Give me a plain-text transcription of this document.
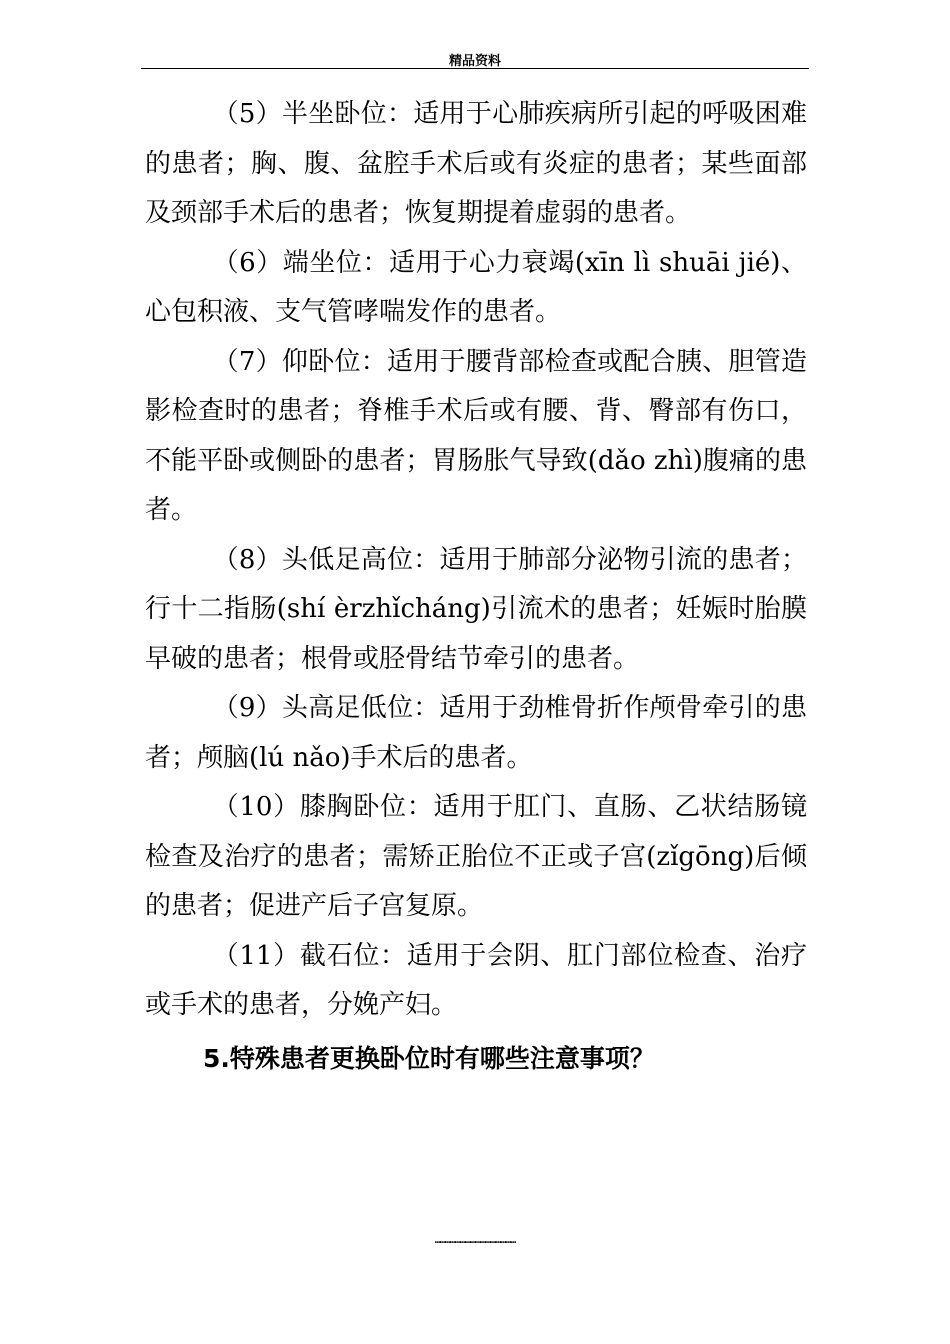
精品资料

（5）半坐卧位：适用于心肺疾病所引起的呼吸困难的患者；胸、腹、盆腔手术后或有炎症的患者；某些面部及颈部手术后的患者；恢复期提着虚弱的患者。

（6）端坐位：适用于心力衰竭(xīn lì shuāi jié)、心包积液、支气管哮喘发作的患者。

（7）仰卧位：适用于腰背部检查或配合胰、胆管造影检查时的患者；脊椎手术后或有腰、背、臀部有伤口，不能平卧或侧卧的患者；胃肠胀气导致(dǎo zhì)腹痛的患者。

（8）头低足高位：适用于肺部分泌物引流的患者；行十二指肠(shí èrzhǐcháng)引流术的患者；妊娠时胎膜早破的患者；根骨或胫骨结节牵引的患者。

（9）头高足低位：适用于劲椎骨折作颅骨牵引的患者；颅脑(lú nǎo)手术后的患者。

（10）膝胸卧位：适用于肛门、直肠、乙状结肠镜检查及治疗的患者；需矫正胎位不正或子宫(zǐgōng)后倾的患者；促进产后子宫复原。

（11）截石位：适用于会阴、肛门部位检查、治疗或手术的患者，分娩产妇。

5.特殊患者更换卧位时有哪些注意事项？
…………………………………………
